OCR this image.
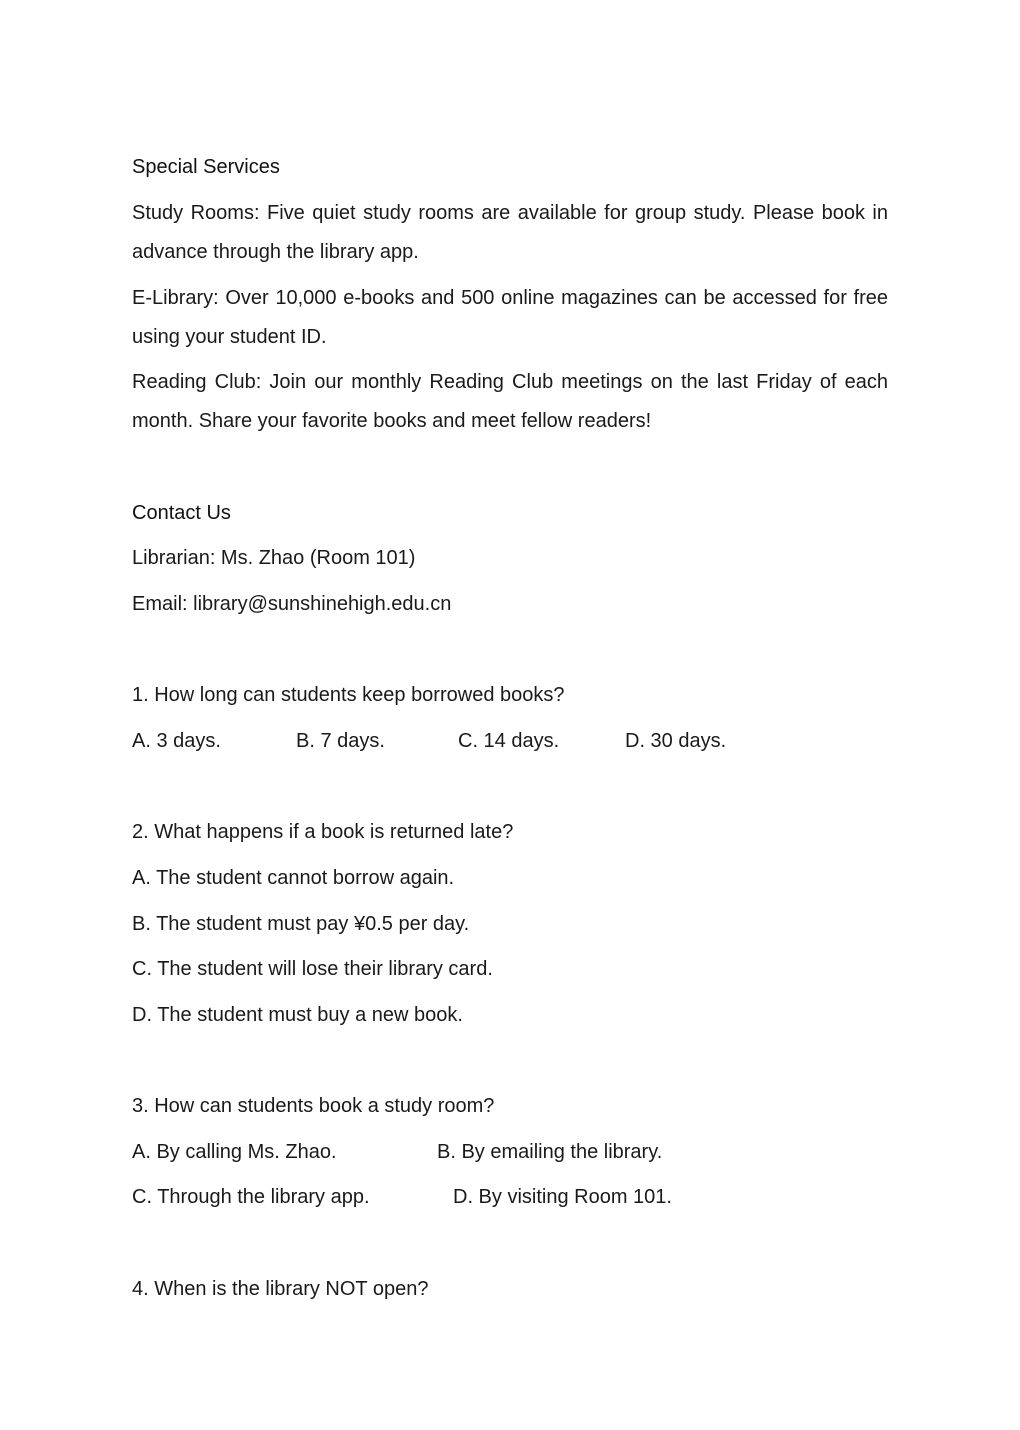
Special Services
Study Rooms: Five quiet study rooms are available for group study. Please book in advance through the library app.
E-Library: Over 10,000 e-books and 500 online magazines can be accessed for free using your student ID.
Reading Club: Join our monthly Reading Club meetings on the last Friday of each month. Share your favorite books and meet fellow readers!
Contact Us
Librarian: Ms. Zhao (Room 101)
Email: library@sunshinehigh.edu.cn
1. How long can students keep borrowed books?
A. 3 days.	B. 7 days.	C. 14 days.	D. 30 days.
2. What happens if a book is returned late?
A. The student cannot borrow again.
B. The student must pay ¥0.5 per day.
C. The student will lose their library card.
D. The student must buy a new book.
3. How can students book a study room?
A. By calling Ms. Zhao.	B. By emailing the library.
C. Through the library app.	D. By visiting Room 101.
4. When is the library NOT open?
